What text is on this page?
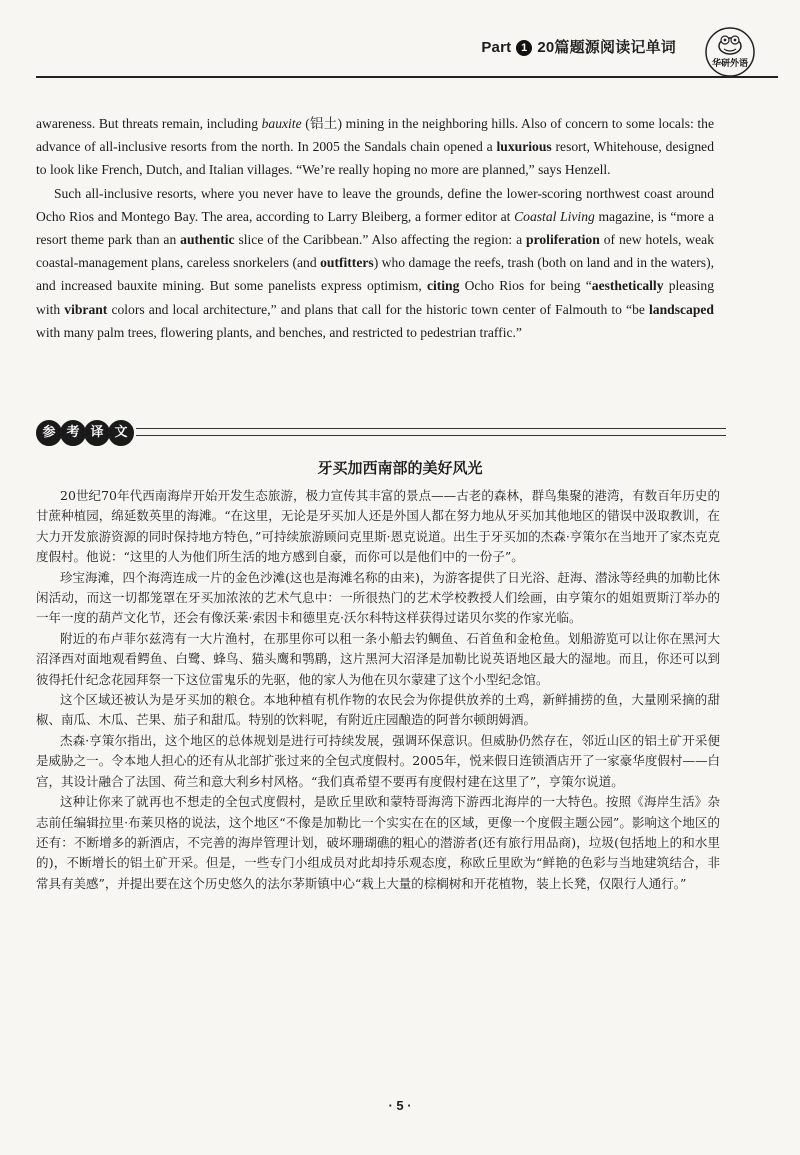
Part 1 20篇题源阅读记单词
华研外语

awareness. But threats remain, including bauxite (铝土) mining in the neighboring hills. Also of concern to some locals: the advance of all-inclusive resorts from the north. In 2005 the Sandals chain opened a luxurious resort, Whitehouse, designed to look like French, Dutch, and Italian villages. “We’re really hoping no more are planned,” says Henzell.

Such all-inclusive resorts, where you never have to leave the grounds, define the lower-scoring northwest coast around Ocho Rios and Montego Bay. The area, according to Larry Bleiberg, a former editor at Coastal Living magazine, is “more a resort theme park than an authentic slice of the Caribbean.” Also affecting the region: a proliferation of new hotels, weak coastal-management plans, careless snorkelers (and outfitters) who damage the reefs, trash (both on land and in the waters), and increased bauxite mining. But some panelists express optimism, citing Ocho Rios for being “aesthetically pleasing with vibrant colors and local architecture,” and plans that call for the historic town center of Falmouth to “be landscaped with many palm trees, flowering plants, and benches, and restricted to pedestrian traffic.”

参 考 译 文
牙买加西南部的美好风光

20世纪70年代西南海岸开始开发生态旅游，极力宣传其丰富的景点——古老的森林，群鸟集聚的港湾，有数百年历史的甘蔗种植园，绵延数英里的海滩。“在这里，无论是牙买加人还是外国人都在努力地从牙买加其他地区的错误中汲取教训，在大力开发旅游资源的同时保持地方特色，”可持续旅游顾问克里斯·恩克说道。出生于牙买加的杰森·亨策尔在当地开了家杰克克度假村。他说：“这里的人为他们所生活的地方感到自豪，而你可以是他们中的一份子”。

珍宝海滩，四个海湾连成一片的金色沙滩(这也是海滩名称的由来)，为游客提供了日光浴、赶海、潜泳等经典的加勒比休闲活动，而这一切都笼罩在牙买加浓浓的艺术气息中：一所很热门的艺术学校教授人们绘画，由亨策尔的姐姐贾斯汀举办的一年一度的葫芦文化节，还会有像沃莱·索因卡和德里克·沃尔科特这样获得过诺贝尔奖的作家光临。

附近的布卢菲尔兹湾有一大片渔村，在那里你可以租一条小船去钓鲷鱼、石首鱼和金枪鱼。划船游览可以让你在黑河大沼泽西对面地观看鳄鱼、白鹭、蜂鸟、猫头鹰和鹗鹛，这片黑河大沼泽是加勒比说英语地区最大的湿地。而且，你还可以到彼得托什纪念花园拜祭一下这位雷鬼乐的先驱，他的家人为他在贝尔蒙建了这个小型纪念馆。

这个区域还被认为是牙买加的粮仓。本地种植有机作物的农民会为你提供放养的土鸡，新鲜捕捞的鱼，大量刚采摘的甜椒、南瓜、木瓜、芒果、茄子和甜瓜。特别的饮料呢，有附近庄园酿造的阿普尔顿朗姆酒。

杰森·亨策尔指出，这个地区的总体规划是进行可持续发展，强调环保意识。但威胁仍然存在，邻近山区的铝土矿开采便是威胁之一。令本地人担心的还有从北部扩张过来的全包式度假村。2005年，悦来假日连锁酒店开了一家豪华度假村——白宫，其设计融合了法国、荷兰和意大利乡村风格。“我们真希望不要再有度假村建在这里了”，亨策尔说道。

这种让你来了就再也不想走的全包式度假村，是欧丘里欧和蒙特哥海湾下游西北海岸的一大特色。按照《海岸生活》杂志前任编辑拉里·布莱贝格的说法，这个地区“不像是加勒比一个实实在在的区域，更像一个度假主题公园”。影响这个地区的还有：不断增多的新酒店，不完善的海岸管理计划，破坏珊瑚礁的粗心的潜游者(还有旅行用品商)，垃圾(包括地上的和水里的)，不断增长的铝土矿开采。但是，一些专门小组成员对此却持乐观态度，称欧丘里欧为“鲜艳的色彩与当地建筑结合，非常具有美感”，并提出要在这个历史悠久的法尔茅斯镇中心“栽上大量的棕榈树和开花植物，装上长凳，仅限行人通行。”

· 5 ·
